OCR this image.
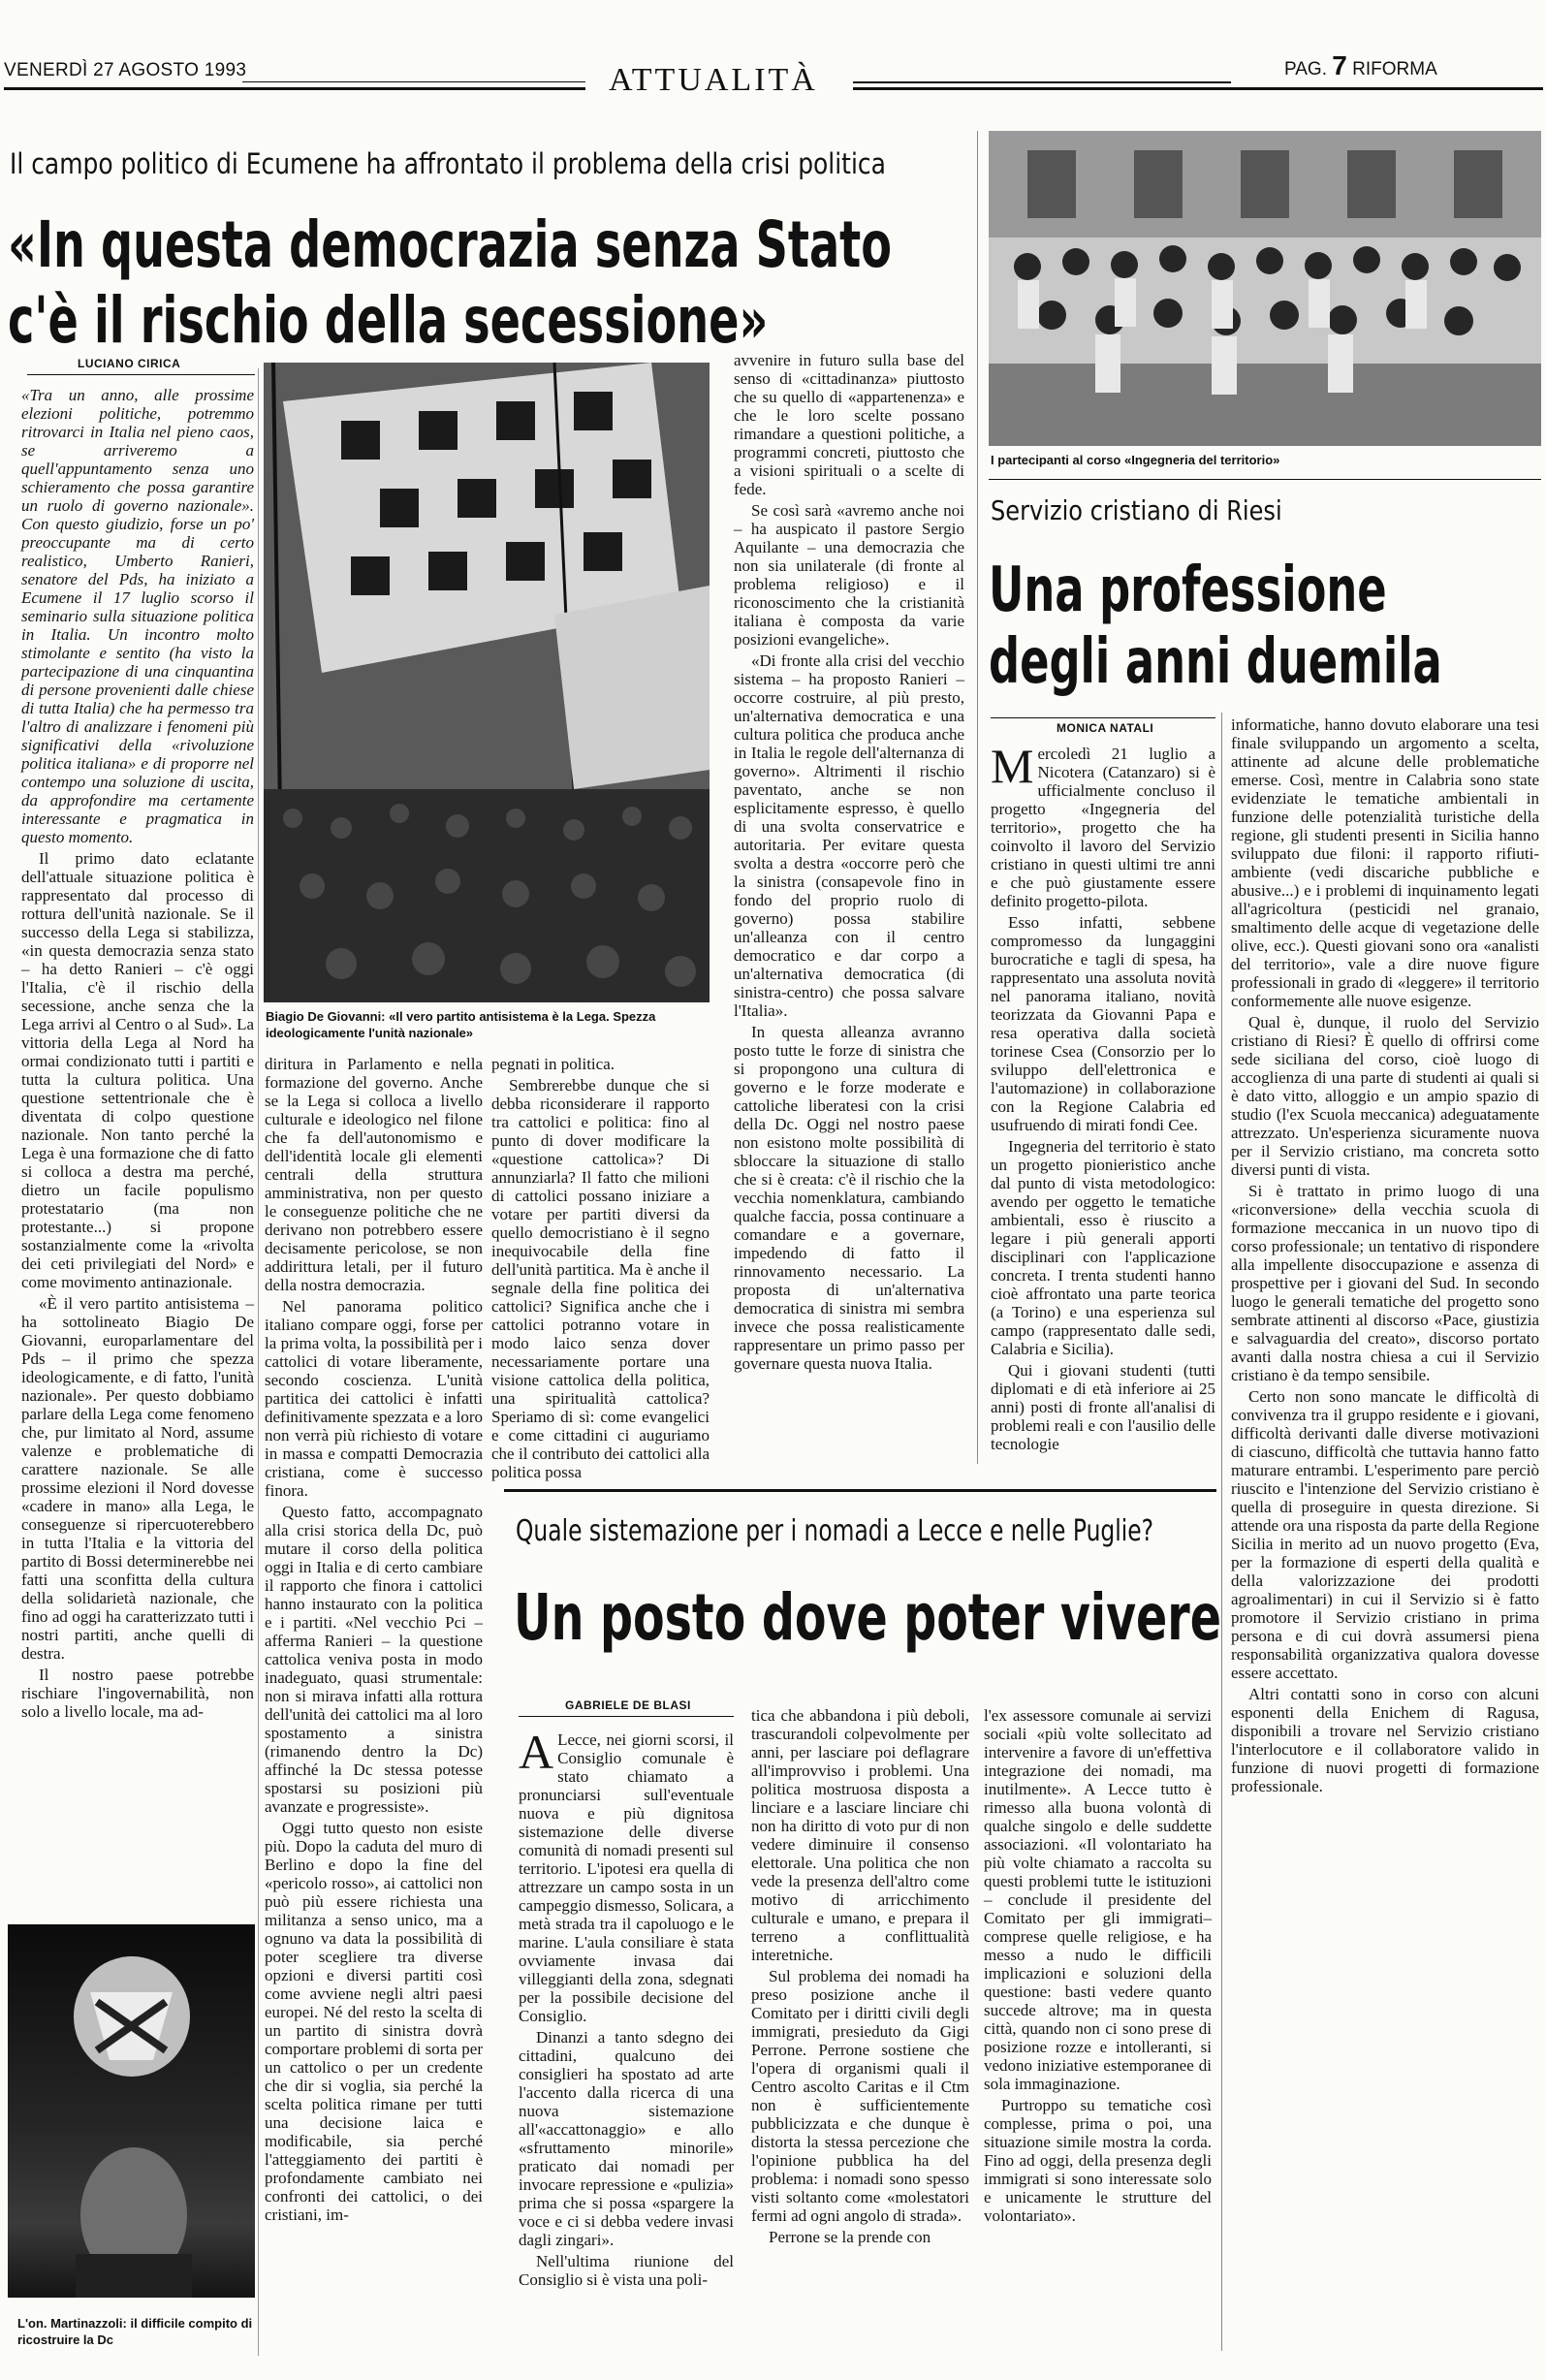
VENERDÌ 27 AGOSTO 1993	ATTUALITÀ	PAG. 7 RIFORMA
Il campo politico di Ecumene ha affrontato il problema della crisi politica
«In questa democrazia senza Stato
c'è il rischio della secessione»
LUCIANO CIRICA

«Tra un anno, alle prossime elezioni politiche, potremmo ritrovarci in Italia nel pieno caos, se arriveremo a quell'appuntamento senza uno schieramento che possa garantire un ruolo di governo nazionale». Con questo giudizio, forse un po' preoccupante ma di certo realistico, Umberto Ranieri, senatore del Pds, ha iniziato a Ecumene il 17 luglio scorso il seminario sulla situazione politica in Italia. Un incontro molto stimolante e sentito (ha visto la partecipazione di una cinquantina di persone provenienti dalle chiese di tutta Italia) che ha permesso tra l'altro di analizzare i fenomeni più significativi della «rivoluzione politica italiana» e di proporre nel contempo una soluzione di uscita, da approfondire ma certamente interessante e pragmatica in questo momento.

Il primo dato eclatante dell'attuale situazione politica è rappresentato dal processo di rottura dell'unità nazionale. Se il successo della Lega si stabilizza, «in questa democrazia senza stato – ha detto Ranieri – c'è oggi l'Italia, c'è il rischio della secessione, anche senza che la Lega arrivi al Centro o al Sud». La vittoria della Lega al Nord ha ormai condizionato tutti i partiti e tutta la cultura politica. Una questione settentrionale che è diventata di colpo questione nazionale. Non tanto perché la Lega è una formazione che di fatto si colloca a destra ma perché, dietro un facile populismo protestatario (ma non protestante...) si propone sostanzialmente come la «rivolta dei ceti privilegiati del Nord» e come movimento antinazionale.

«È il vero partito antisistema – ha sottolineato Biagio De Giovanni, europarlamentare del Pds – il primo che spezza ideologicamente, e di fatto, l'unità nazionale». Per questo dobbiamo parlare della Lega come fenomeno che, pur limitato al Nord, assume valenze e problematiche di carattere nazionale. Se alle prossime elezioni il Nord dovesse «cadere in mano» alla Lega, le conseguenze si ripercuoterebbero in tutta l'Italia e la vittoria del partito di Bossi determinerebbe nei fatti una sconfitta della cultura della solidarietà nazionale, che fino ad oggi ha caratterizzato tutti i nostri partiti, anche quelli di destra.

Il nostro paese potrebbe rischiare l'ingovernabilità, non solo a livello locale, ma ad-

L'on. Martinazzoli: il difficile compito di ricostruire la Dc
Biagio De Giovanni: «Il vero partito antisistema è la Lega. Spezza ideologicamente l'unità nazionale»

diritura in Parlamento e nella formazione del governo. Anche se la Lega si colloca a livello culturale e ideologico nel filone che fa dell'autonomismo e dell'identità locale gli elementi centrali della struttura amministrativa, non per questo le conseguenze politiche che ne derivano non potrebbero essere decisamente pericolose, se non addirittura letali, per il futuro della nostra democrazia.

Nel panorama politico italiano compare oggi, forse per la prima volta, la possibilità per i cattolici di votare liberamente, secondo coscienza. L'unità partitica dei cattolici è infatti definitivamente spezzata e a loro non verrà più richiesto di votare in massa e compatti Democrazia cristiana, come è successo finora.

Questo fatto, accompagnato alla crisi storica della Dc, può mutare il corso della politica oggi in Italia e di certo cambiare il rapporto che finora i cattolici hanno instaurato con la politica e i partiti. «Nel vecchio Pci – afferma Ranieri – la questione cattolica veniva posta in modo inadeguato, quasi strumentale: non si mirava infatti alla rottura dell'unità dei cattolici ma al loro spostamento a sinistra (rimanendo dentro la Dc) affinché la Dc stessa potesse spostarsi su posizioni più avanzate e progressiste».

Oggi tutto questo non esiste più. Dopo la caduta del muro di Berlino e dopo la fine del «pericolo rosso», ai cattolici non può più essere richiesta una militanza a senso unico, ma a ognuno va data la possibilità di poter scegliere tra diverse opzioni e diversi partiti così come avviene negli altri paesi europei. Né del resto la scelta di un partito di sinistra dovrà comportare problemi di sorta per un cattolico o per un credente che dir si voglia, sia perché la scelta politica rimane per tutti una decisione laica e modificabile, sia perché l'atteggiamento dei partiti è profondamente cambiato nei confronti dei cattolici, o dei cristiani, im-

pegnati in politica.

Sembrerebbe dunque che si debba riconsiderare il rapporto tra cattolici e politica: fino al punto di dover modificare la «questione cattolica»? Di annunziarla? Il fatto che milioni di cattolici possano iniziare a votare per partiti diversi da quello democristiano è il segno inequivocabile della fine dell'unità partitica. Ma è anche il segnale della fine politica dei cattolici? Significa anche che i cattolici potranno votare in modo laico senza dover necessariamente portare una visione cattolica della politica, una spiritualità cattolica? Speriamo di sì: come evangelici e come cittadini ci auguriamo che il contributo dei cattolici alla politica possa

avvenire in futuro sulla base del senso di «cittadinanza» piuttosto che su quello di «appartenenza» e che le loro scelte possano rimandare a questioni politiche, a programmi concreti, piuttosto che a visioni spirituali o a scelte di fede.

Se così sarà «avremo anche noi – ha auspicato il pastore Sergio Aquilante – una democrazia che non sia unilaterale (di fronte al problema religioso) e il riconoscimento che la cristianità italiana è composta da varie posizioni evangeliche».

«Di fronte alla crisi del vecchio sistema – ha proposto Ranieri – occorre costruire, al più presto, un'alternativa democratica e una cultura politica che produca anche in Italia le regole dell'alternanza di governo». Altrimenti il rischio paventato, anche se non esplicitamente espresso, è quello di una svolta conservatrice e autoritaria. Per evitare questa svolta a destra «occorre però che la sinistra (consapevole fino in fondo del proprio ruolo di governo) possa stabilire un'alleanza con il centro democratico e dar corpo a un'alternativa democratica (di sinistra-centro) che possa salvare l'Italia».

In questa alleanza avranno posto tutte le forze di sinistra che si propongono una cultura di governo e le forze moderate e cattoliche liberatesi con la crisi della Dc. Oggi nel nostro paese non esistono molte possibilità di sbloccare la situazione di stallo che si è creata: c'è il rischio che la vecchia nomenklatura, cambiando qualche faccia, possa continuare a comandare e a governare, impedendo di fatto il rinnovamento necessario. La proposta di un'alternativa democratica di sinistra mi sembra invece che possa realisticamente rappresentare un primo passo per governare questa nuova Italia.

I partecipanti al corso «Ingegneria del territorio»
Servizio cristiano di Riesi
Una professione
degli anni duemila
MONICA NATALI

Mercoledì 21 luglio a Nicotera (Catanzaro) si è ufficialmente concluso il progetto «Ingegneria del territorio», progetto che ha coinvolto il lavoro del Servizio cristiano in questi ultimi tre anni e che può giustamente essere definito progetto-pilota.

Esso infatti, sebbene compromesso da lungaggini burocratiche e tagli di spesa, ha rappresentato una assoluta novità nel panorama italiano, novità teorizzata da Giovanni Papa e resa operativa dalla società torinese Csea (Consorzio per lo sviluppo dell'elettronica e l'automazione) in collaborazione con la Regione Calabria ed usufruendo di mirati fondi Cee.

Ingegneria del territorio è stato un progetto pionieristico anche dal punto di vista metodologico: avendo per oggetto le tematiche ambientali, esso è riuscito a legare i più generali apporti disciplinari con l'applicazione concreta. I trenta studenti hanno cioè affrontato una parte teorica (a Torino) e una esperienza sul campo (rappresentato dalle sedi, Calabria e Sicilia).

Qui i giovani studenti (tutti diplomati e di età inferiore ai 25 anni) posti di fronte all'analisi di problemi reali e con l'ausilio delle tecnologie

informatiche, hanno dovuto elaborare una tesi finale sviluppando un argomento a scelta, attinente ad alcune delle problematiche emerse. Così, mentre in Calabria sono state evidenziate le tematiche ambientali in funzione delle potenzialità turistiche della regione, gli studenti presenti in Sicilia hanno sviluppato due filoni: il rapporto rifiuti-ambiente (vedi discariche pubbliche e abusive...) e i problemi di inquinamento legati all'agricoltura (pesticidi nel granaio, smaltimento delle acque di vegetazione delle olive, ecc.). Questi giovani sono ora «analisti del territorio», vale a dire nuove figure professionali in grado di «leggere» il territorio conformemente alle nuove esigenze.

Qual è, dunque, il ruolo del Servizio cristiano di Riesi? È quello di offrirsi come sede siciliana del corso, cioè luogo di accoglienza di una parte di studenti ai quali si è dato vitto, alloggio e un ampio spazio di studio (l'ex Scuola meccanica) adeguatamente attrezzato. Un'esperienza sicuramente nuova per il Servizio cristiano, ma concreta sotto diversi punti di vista.

Si è trattato in primo luogo di una «riconversione» della vecchia scuola di formazione meccanica in un nuovo tipo di corso professionale; un tentativo di rispondere alla impellente disoccupazione e assenza di prospettive per i giovani del Sud. In secondo luogo le generali tematiche del progetto sono sembrate attinenti al discorso «Pace, giustizia e salvaguardia del creato», discorso portato avanti dalla nostra chiesa a cui il Servizio cristiano è da tempo sensibile.

Certo non sono mancate le difficoltà di convivenza tra il gruppo residente e i giovani, difficoltà derivanti dalle diverse motivazioni di ciascuno, difficoltà che tuttavia hanno fatto maturare entrambi. L'esperimento pare perciò riuscito e l'intenzione del Servizio cristiano è quella di proseguire in questa direzione. Si attende ora una risposta da parte della Regione Sicilia in merito ad un nuovo progetto (Eva, per la formazione di esperti della qualità e della valorizzazione dei prodotti agroalimentari) in cui il Servizio si è fatto promotore il Servizio cristiano in prima persona e di cui dovrà assumersi piena responsabilità organizzativa qualora dovesse essere accettato.

Altri contatti sono in corso con alcuni esponenti della Enichem di Ragusa, disponibili a trovare nel Servizio cristiano l'interlocutore e il collaboratore valido in funzione di nuovi progetti di formazione professionale.

Quale sistemazione per i nomadi a Lecce e nelle Puglie?
Un posto dove poter vivere
GABRIELE DE BLASI

A Lecce, nei giorni scorsi, il Consiglio comunale è stato chiamato a pronunciarsi sull'eventuale nuova e più dignitosa sistemazione delle diverse comunità di nomadi presenti sul territorio. L'ipotesi era quella di attrezzare un campo sosta in un campeggio dismesso, Solicara, a metà strada tra il capoluogo e le marine. L'aula consiliare è stata ovviamente invasa dai villeggianti della zona, sdegnati per la possibile decisione del Consiglio.

Dinanzi a tanto sdegno dei cittadini, qualcuno dei consiglieri ha spostato ad arte l'accento dalla ricerca di una nuova sistemazione all'«accattonaggio» e allo «sfruttamento minorile» praticato dai nomadi per invocare repressione e «pulizia» prima che si possa «spargere la voce e ci si debba vedere invasi dagli zingari».

Nell'ultima riunione del Consiglio si è vista una poli-

tica che abbandona i più deboli, trascurandoli colpevolmente per anni, per lasciare poi deflagrare all'improvviso i problemi. Una politica mostruosa disposta a linciare e a lasciare linciare chi non ha diritto di voto pur di non vedere diminuire il consenso elettorale. Una politica che non vede la presenza dell'altro come motivo di arricchimento culturale e umano, e prepara il terreno a conflittualità interetniche.

Sul problema dei nomadi ha preso posizione anche il Comitato per i diritti civili degli immigrati, presieduto da Gigi Perrone. Perrone sostiene che l'opera di organismi quali il Centro ascolto Caritas e il Ctm non è sufficientemente pubblicizzata e che dunque è distorta la stessa percezione che l'opinione pubblica ha del problema: i nomadi sono spesso visti soltanto come «molestatori fermi ad ogni angolo di strada».

Perrone se la prende con

l'ex assessore comunale ai servizi sociali «più volte sollecitato ad intervenire a favore di un'effettiva integrazione dei nomadi, ma inutilmente». A Lecce tutto è rimesso alla buona volontà di qualche singolo e delle suddette associazioni. «Il volontariato ha più volte chiamato a raccolta su questi problemi tutte le istituzioni – conclude il presidente del Comitato per gli immigrati– comprese quelle religiose, e ha messo a nudo le difficili implicazioni e soluzioni della questione: basti vedere quanto succede altrove; ma in questa città, quando non ci sono prese di posizione rozze e intolleranti, si vedono iniziative estemporanee di sola immaginazione.

Purtroppo su tematiche così complesse, prima o poi, una situazione simile mostra la corda. Fino ad oggi, della presenza degli immigrati si sono interessate solo e unicamente le strutture del volontariato».
